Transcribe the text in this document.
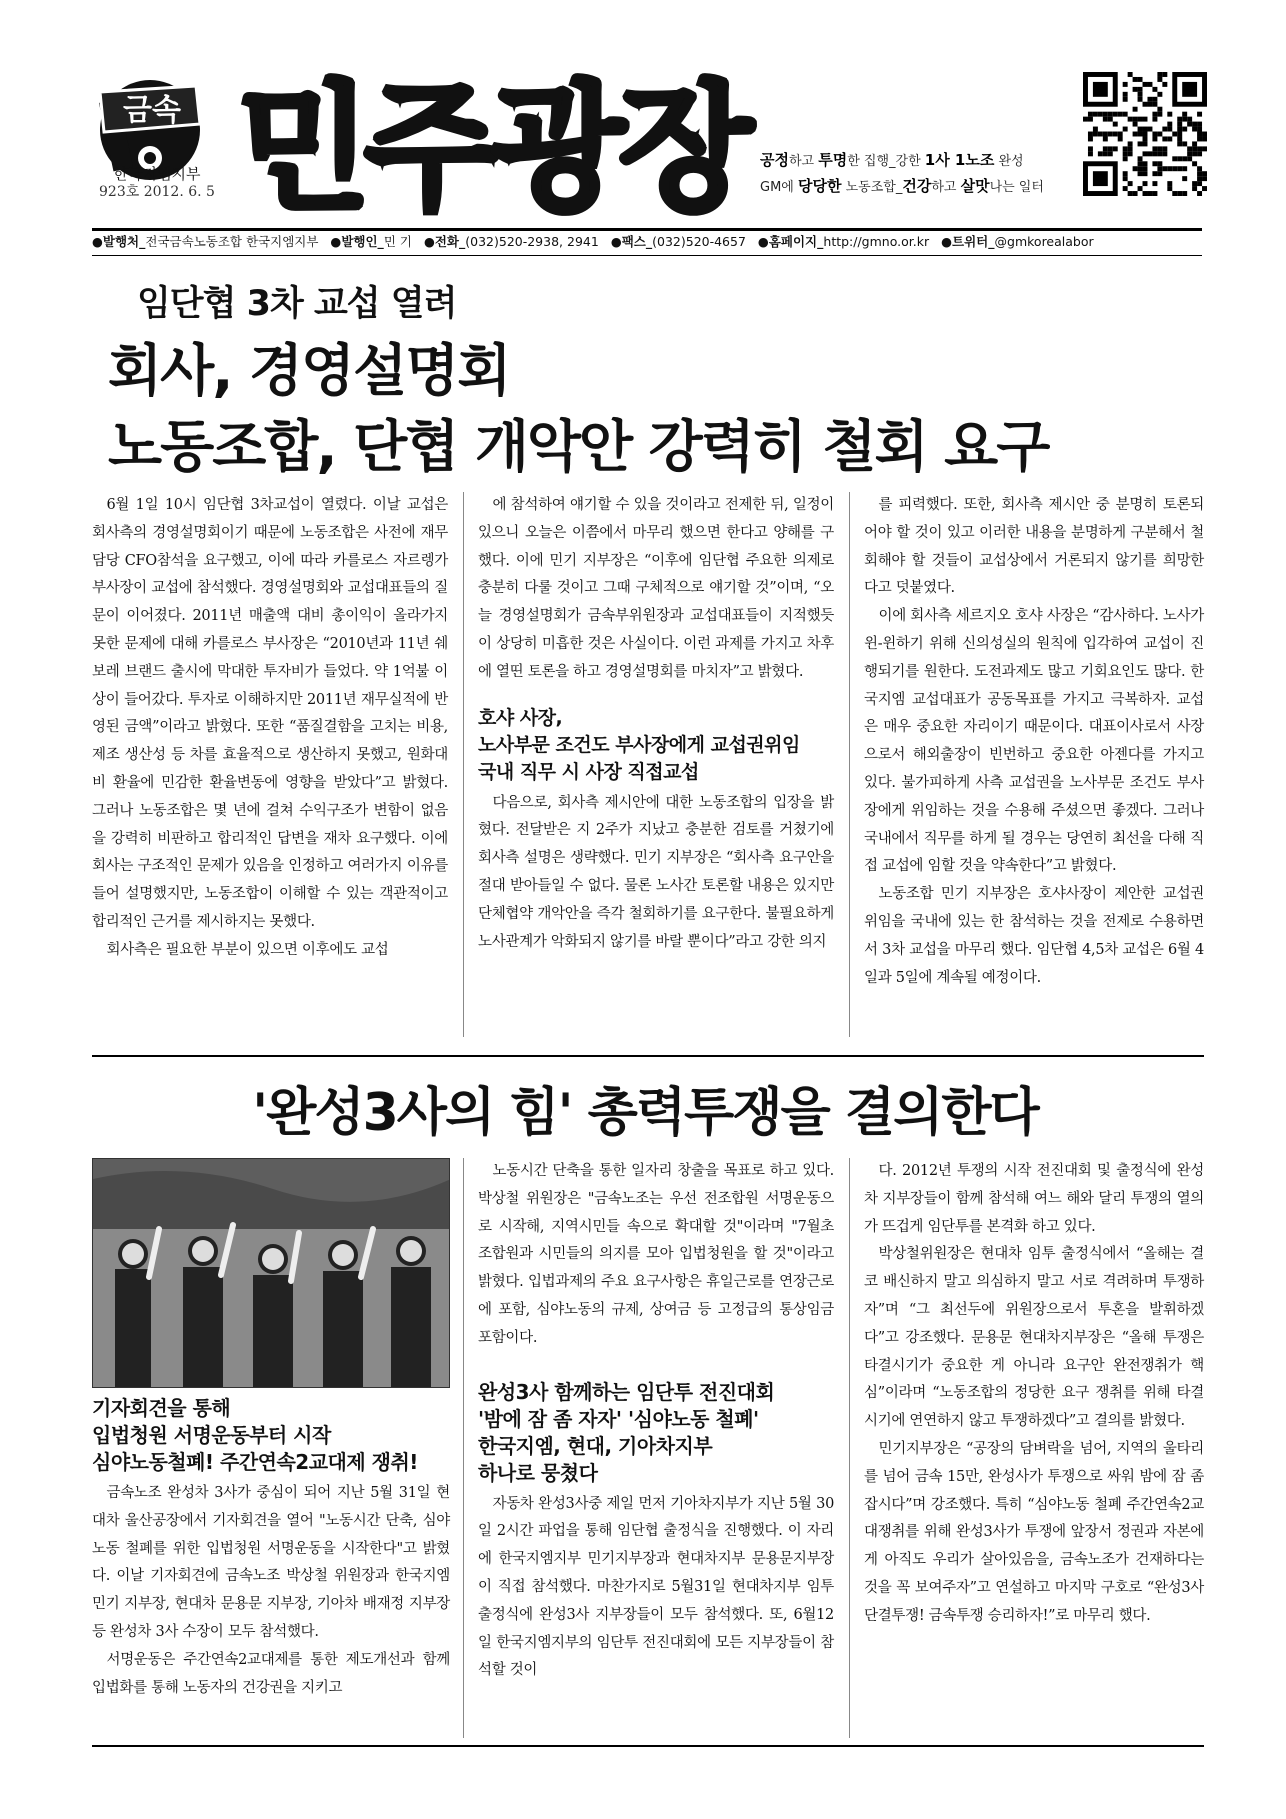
금속
한국지엠지부
923호 2012. 6. 5 민주광장 공정하고 투명한 집행_강한 1사 1노조 완성
GM에 당당한 노동조합_건강하고 살맛나는 일터
●발행처_전국금속노동조합 한국지엠지부 ●발행인_민 기 ●전화_(032)520-2938, 2941 ●팩스_(032)520-4657 ●홈페이지_http://gmno.or.kr ●트위터_@gmkorealabor
임단협 3차 교섭 열려
회사, 경영설명회
노동조합, 단협 개악안 강력히 철회 요구

6월 1일 10시 임단협 3차교섭이 열렸다. 이날 교섭은 회사측의 경영설명회이기 때문에 노동조합은 사전에 재무담당 CFO참석을 요구했고, 이에 따라 카를로스 자르렝가 부사장이 교섭에 참석했다. 경영설명회와 교섭대표들의 질문이 이어졌다. 2011년 매출액 대비 총이익이 올라가지 못한 문제에 대해 카를로스 부사장은 “2010년과 11년 쉐보레 브랜드 출시에 막대한 투자비가 들었다. 약 1억불 이상이 들어갔다. 투자로 이해하지만 2011년 재무실적에 반영된 금액”이라고 밝혔다. 또한 “품질결함을 고치는 비용, 제조 생산성 등 차를 효율적으로 생산하지 못했고, 원화대비 환율에 민감한 환율변동에 영향을 받았다”고 밝혔다. 그러나 노동조합은 몇 년에 걸쳐 수익구조가 변함이 없음을 강력히 비판하고 합리적인 답변을 재차 요구했다. 이에 회사는 구조적인 문제가 있음을 인정하고 여러가지 이유를 들어 설명했지만, 노동조합이 이해할 수 있는 객관적이고 합리적인 근거를 제시하지는 못했다.

회사측은 필요한 부분이 있으면 이후에도 교섭

에 참석하여 얘기할 수 있을 것이라고 전제한 뒤, 일정이 있으니 오늘은 이쯤에서 마무리 했으면 한다고 양해를 구했다. 이에 민기 지부장은 “이후에 임단협 주요한 의제로 충분히 다룰 것이고 그때 구체적으로 얘기할 것”이며, “오늘 경영설명회가 금속부위원장과 교섭대표들이 지적했듯이 상당히 미흡한 것은 사실이다. 이런 과제를 가지고 차후에 열띤 토론을 하고 경영설명회를 마치자”고 밝혔다.

호샤 사장,
노사부문 조건도 부사장에게 교섭권위임
국내 직무 시 사장 직접교섭

다음으로, 회사측 제시안에 대한 노동조합의 입장을 밝혔다. 전달받은 지 2주가 지났고 충분한 검토를 거쳤기에 회사측 설명은 생략했다. 민기 지부장은 “회사측 요구안을 절대 받아들일 수 없다. 물론 노사간 토론할 내용은 있지만 단체협약 개악안을 즉각 철회하기를 요구한다. 불필요하게 노사관계가 악화되지 않기를 바랄 뿐이다”라고 강한 의지

를 피력했다. 또한, 회사측 제시안 중 분명히 토론되어야 할 것이 있고 이러한 내용을 분명하게 구분해서 철회해야 할 것들이 교섭상에서 거론되지 않기를 희망한다고 덧붙였다.

이에 회사측 세르지오 호샤 사장은 “감사하다. 노사가 윈-윈하기 위해 신의성실의 원칙에 입각하여 교섭이 진행되기를 원한다. 도전과제도 많고 기회요인도 많다. 한국지엠 교섭대표가 공동목표를 가지고 극복하자. 교섭은 매우 중요한 자리이기 때문이다. 대표이사로서 사장으로서 해외출장이 빈번하고 중요한 아젠다를 가지고 있다. 불가피하게 사측 교섭권을 노사부문 조건도 부사장에게 위임하는 것을 수용해 주셨으면 좋겠다. 그러나 국내에서 직무를 하게 될 경우는 당연히 최선을 다해 직접 교섭에 임할 것을 약속한다”고 밝혔다.

노동조합 민기 지부장은 호샤사장이 제안한 교섭권 위임을 국내에 있는 한 참석하는 것을 전제로 수용하면서 3차 교섭을 마무리 했다. 임단협 4,5차 교섭은 6월 4일과 5일에 계속될 예정이다.

'완성3사의 힘' 총력투쟁을 결의한다
기자회견을 통해
입법청원 서명운동부터 시작
심야노동철폐! 주간연속2교대제 쟁취!

금속노조 완성차 3사가 중심이 되어 지난 5월 31일 현대차 울산공장에서 기자회견을 열어 "노동시간 단축, 심야노동 철폐를 위한 입법청원 서명운동을 시작한다"고 밝혔다. 이날 기자회견에 금속노조 박상철 위원장과 한국지엠 민기 지부장, 현대차 문용문 지부장, 기아차 배재정 지부장 등 완성차 3사 수장이 모두 참석했다.

서명운동은 주간연속2교대제를 통한 제도개선과 함께 입법화를 통해 노동자의 건강권을 지키고

노동시간 단축을 통한 일자리 창출을 목표로 하고 있다. 박상철 위원장은 "금속노조는 우선 전조합원 서명운동으로 시작해, 지역시민들 속으로 확대할 것"이라며 "7월초 조합원과 시민들의 의지를 모아 입법청원을 할 것"이라고 밝혔다. 입법과제의 주요 요구사항은 휴일근로를 연장근로에 포함, 심야노동의 규제, 상여금 등 고정급의 통상임금 포함이다.

완성3사 함께하는 임단투 전진대회
'밤에 잠 좀 자자' '심야노동 철폐'
한국지엠, 현대, 기아차지부
하나로 뭉쳤다

자동차 완성3사중 제일 먼저 기아차지부가 지난 5월 30일 2시간 파업을 통해 임단협 출정식을 진행했다. 이 자리에 한국지엠지부 민기지부장과 현대차지부 문용문지부장이 직접 참석했다. 마찬가지로 5월31일 현대차지부 임투출정식에 완성3사 지부장들이 모두 참석했다. 또, 6월12일 한국지엠지부의 임단투 전진대회에 모든 지부장들이 참석할 것이

다. 2012년 투쟁의 시작 전진대회 및 출정식에 완성차 지부장들이 함께 참석해 여느 해와 달리 투쟁의 열의가 뜨겁게 임단투를 본격화 하고 있다.

박상철위원장은 현대차 임투 출정식에서 “올해는 결코 배신하지 말고 의심하지 말고 서로 격려하며 투쟁하자”며 “그 최선두에 위원장으로서 투혼을 발휘하겠다”고 강조했다. 문용문 현대차지부장은 “올해 투쟁은 타결시기가 중요한 게 아니라 요구안 완전쟁취가 핵심”이라며 “노동조합의 정당한 요구 쟁취를 위해 타결시기에 연연하지 않고 투쟁하겠다”고 결의를 밝혔다.

민기지부장은 “공장의 담벼락을 넘어, 지역의 울타리를 넘어 금속 15만, 완성사가 투쟁으로 싸워 밤에 잠 좀 잡시다”며 강조했다. 특히 “심야노동 철폐 주간연속2교대쟁취를 위해 완성3사가 투쟁에 앞장서 정권과 자본에게 아직도 우리가 살아있음을, 금속노조가 건재하다는 것을 꼭 보여주자”고 연설하고 마지막 구호로 “완성3사 단결투쟁! 금속투쟁 승리하자!”로 마무리 했다.
